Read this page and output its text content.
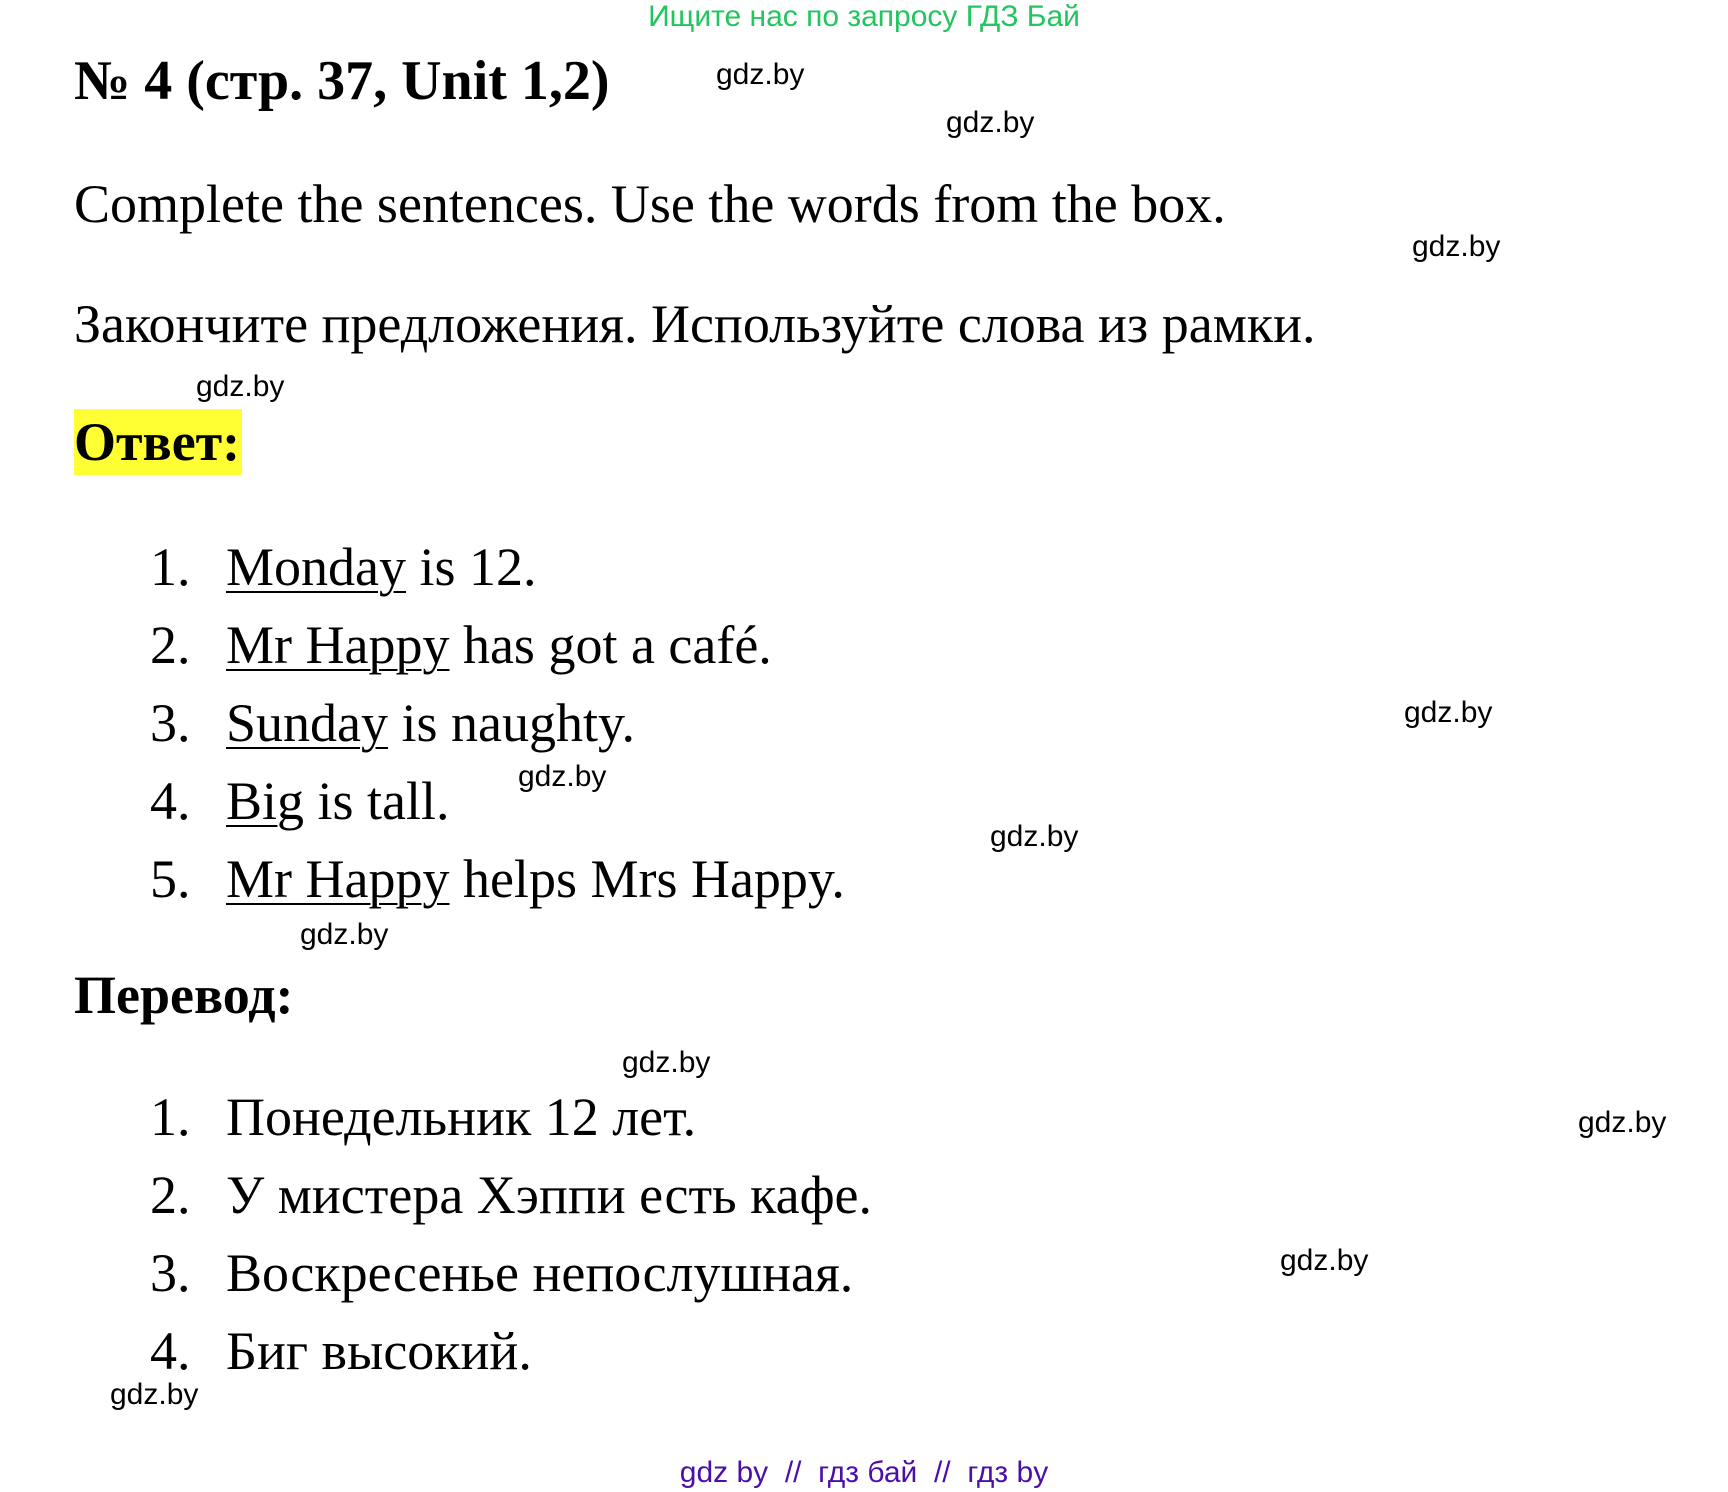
Ищите нас по запросу ГДЗ Бай
№ 4 (стр. 37, Unit 1,2)	gdz.by
gdz.by
Complete the sentences. Use the words from the box.
gdz.by
Закончите предложения. Используйте слова из рамки.
gdz.by
Ответ:
1. Monday is 12.
2. Mr Happy has got a café.
3. Sunday is naughty.	gdz.by
4. Big is tall. gdz.by
gdz.by
5. Mr Happy helps Mrs Happy.
gdz.by
Перевод:
gdz.by
1. Понедельник 12 лет.	gdz.by
2. У мистера Хэппи есть кафе.
3. Воскресенье непослушная.	gdz.by
4. Биг высокий.
gdz.by
gdz by  //  гдз бай  //  гдз by
